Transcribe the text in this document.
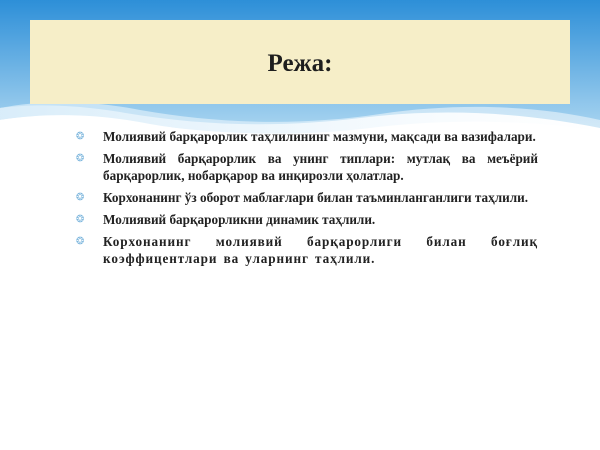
Режа:
❂ Молиявий барқарорлик таҳлилининг мазмуни, мақсади ва вазифалари.
❂ Молиявий барқарорлик ва унинг типлари: мутлақ ва меъёрий барқарорлик, нобарқарор ва инқирозли ҳолатлар.
❂ Корхонанинг ўз оборот маблағлари билан таъминланганлиги таҳлили.
❂ Молиявий барқарорликни динамик таҳлили.
❂ Корхонанинг молиявий барқарорлиги билан боғлиқ коэффицентлари ва уларнинг таҳлили.
